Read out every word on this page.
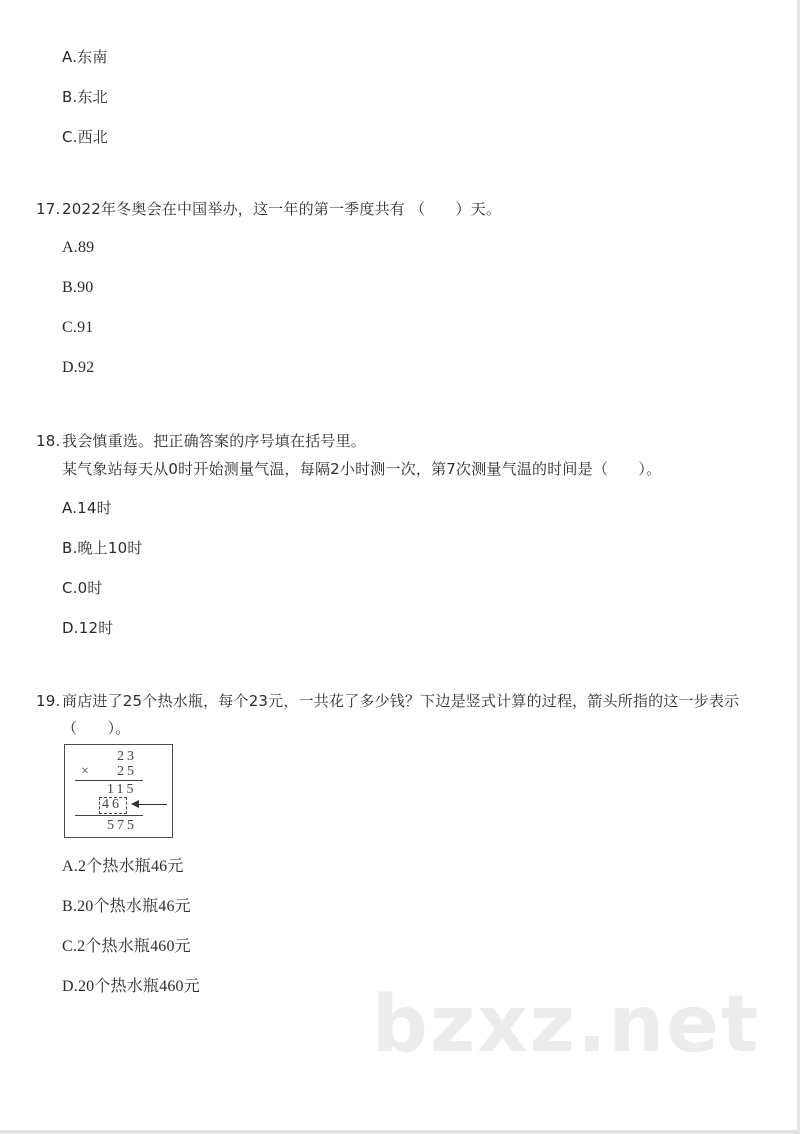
A.东南
B.东北
C.西北
17. 2022年冬奥会在中国举办，这一年的第一季度共有 （　　）天。
A.89
B.90
C.91
D.92
18. 我会慎重选。把正确答案的序号填在括号里。
某气象站每天从0时开始测量气温，每隔2小时测一次，第7次测量气温的时间是（　　）。
A.14时
B.晚上10时
C.0时
D.12时
19. 商店进了25个热水瓶，每个23元，一共花了多少钱？下边是竖式计算的过程，箭头所指的这一步表示
（　　）。
23
× 25
115
46
575
A.2个热水瓶46元
B.20个热水瓶46元
C.2个热水瓶460元
D.20个热水瓶460元 bzxz.net
